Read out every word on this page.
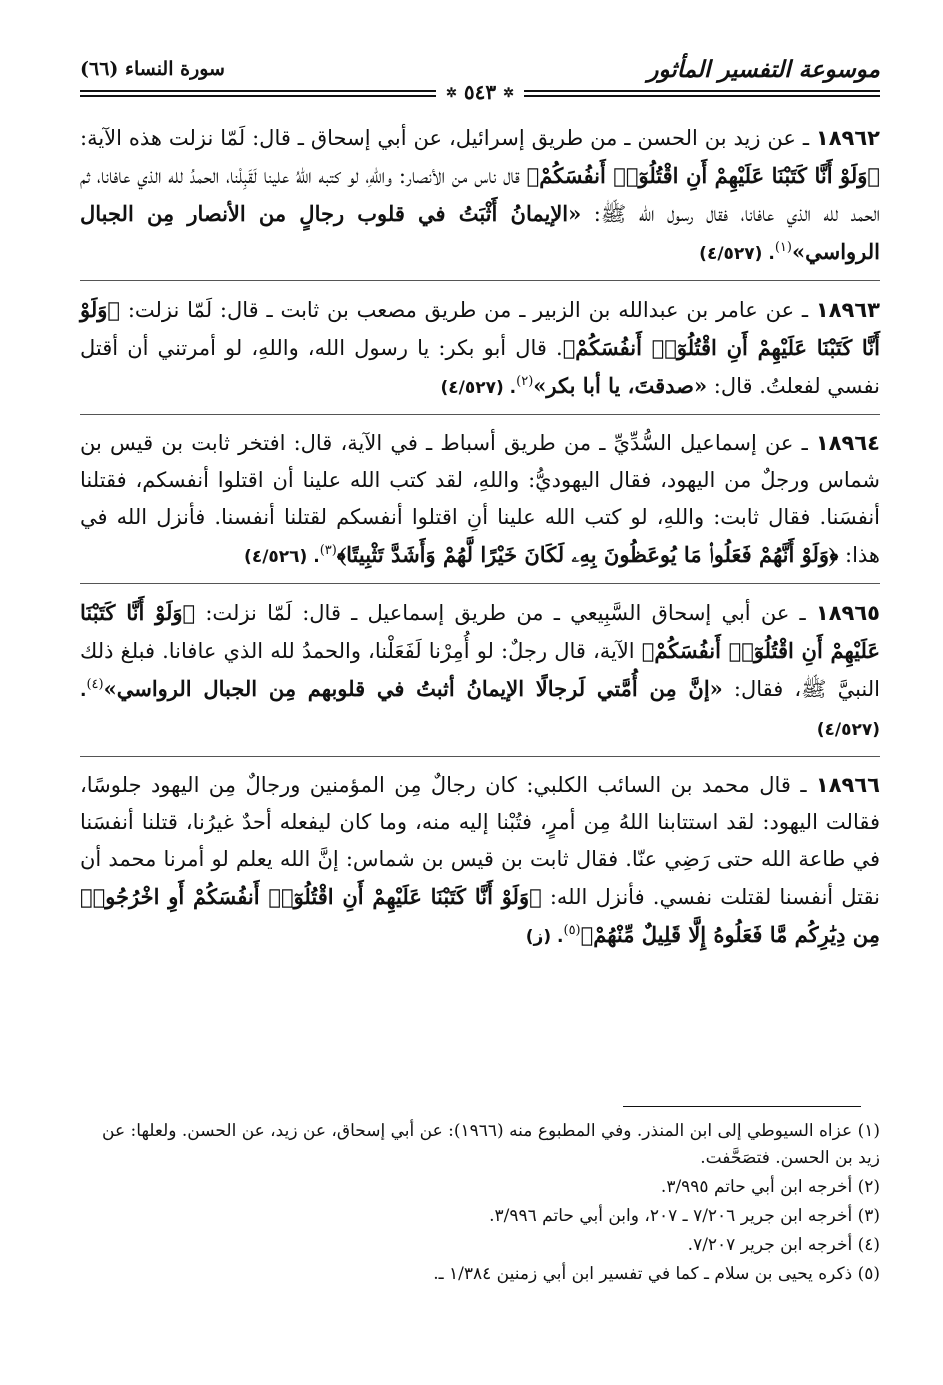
موسوعة التفسير المأثور
سورة النساء (٦٦)
✲ ٥٤٣ ✲

١٨٩٦٢ ـ عن زيد بن الحسن ـ من طريق إسرائيل، عن أبي إسحاق ـ قال: لَمّا نزلت هذه الآية: ﴿وَلَوْ أَنَّا كَتَبْنَا عَلَيْهِمْ أَنِ اقْتُلُوٓا۟ أَنفُسَكُمْ﴾ قال ناس من الأنصار: واللهِ، لو كتبه اللهُ علينا لَقَبِلْنا، الحمدُ لله الذي عافانا، ثم الحمد لله الذي عافانا، فقال رسول الله ﷺ: «الإيمانُ أَثْبَتُ في قلوب رجالٍ من الأنصار مِن الجبال الرواسي»$^{(١)}$. (٤/٥٢٧)

١٨٩٦٣ ـ عن عامر بن عبدالله بن الزبير ـ من طريق مصعب بن ثابت ـ قال: لَمّا نزلت: ﴿وَلَوْ أَنَّا كَتَبْنَا عَلَيْهِمْ أَنِ اقْتُلُوٓا۟ أَنفُسَكُمْ﴾. قال أبو بكر: يا رسول الله، واللهِ، لو أمرتني أن أقتل نفسي لفعلتُ. قال: «صدقتَ، يا أبا بكر»$^{(٢)}$. (٤/٥٢٧)

١٨٩٦٤ ـ عن إسماعيل السُّدِّيِّ ـ من طريق أسباط ـ في الآية، قال: افتخر ثابت بن قيس بن شماس ورجلٌ من اليهود، فقال اليهوديُّ: واللهِ، لقد كتب الله علينا أن اقتلوا أنفسكم، فقتلنا أنفسَنا. فقال ثابت: واللهِ، لو كتب الله علينا أنِ اقتلوا أنفسكم لقتلنا أنفسنا. فأنزل الله في هذا: ﴿وَلَوْ أَنَّهُمْ فَعَلُوا۟ مَا يُوعَظُونَ بِهِۦ لَكَانَ خَيْرًا لَّهُمْ وَأَشَدَّ تَثْبِيتًا﴾$^{(٣)}$. (٤/٥٢٦)

١٨٩٦٥ ـ عن أبي إسحاق السَّبِيعي ـ من طريق إسماعيل ـ قال: لَمّا نزلت: ﴿وَلَوْ أَنَّا كَتَبْنَا عَلَيْهِمْ أَنِ اقْتُلُوٓا۟ أَنفُسَكُمْ﴾ الآية، قال رجلٌ: لو أُمِرْنا لَفَعَلْنا، والحمدُ لله الذي عافانا. فبلغ ذلك النبيَّ ﷺ، فقال: «إنَّ مِن أُمَّتي لَرجالًا الإيمانُ أثبتُ في قلوبهم مِن الجبال الرواسي»$^{(٤)}$. (٤/٥٢٧)

١٨٩٦٦ ـ قال محمد بن السائب الكلبي: كان رجالٌ مِن المؤمنين ورجالٌ مِن اليهود جلوسًا، فقالت اليهود: لقد استتابنا اللهُ مِن أمرٍ، فتُبْنا إليه منه، وما كان ليفعله أحدٌ غيرُنا، قتلنا أنفسَنا في طاعة الله حتى رَضِي عنّا. فقال ثابت بن قيس بن شماس: إنَّ الله يعلم لو أمرنا محمد أن نقتل أنفسنا لقتلت نفسي. فأنزل الله: ﴿وَلَوْ أَنَّا كَتَبْنَا عَلَيْهِمْ أَنِ اقْتُلُوٓا۟ أَنفُسَكُمْ أَوِ اخْرُجُوا۟ مِن دِيَٰرِكُم مَّا فَعَلُوهُ إِلَّا قَلِيلٌ مِّنْهُمْ﴾$^{(٥)}$. (ز)

(١) عزاه السيوطي إلى ابن المنذر. وفي المطبوع منه (١٩٦٦): عن أبي إسحاق، عن زيد، عن الحسن. ولعلها: عن زيد بن الحسن. فتصَحَّفت.

(٢) أخرجه ابن أبي حاتم ٣/٩٩٥.

(٣) أخرجه ابن جرير ٧/٢٠٦ ـ ٢٠٧، وابن أبي حاتم ٣/٩٩٦.

(٤) أخرجه ابن جرير ٧/٢٠٧.

(٥) ذكره يحيى بن سلام ـ كما في تفسير ابن أبي زمنين ١/٣٨٤ ـ.
